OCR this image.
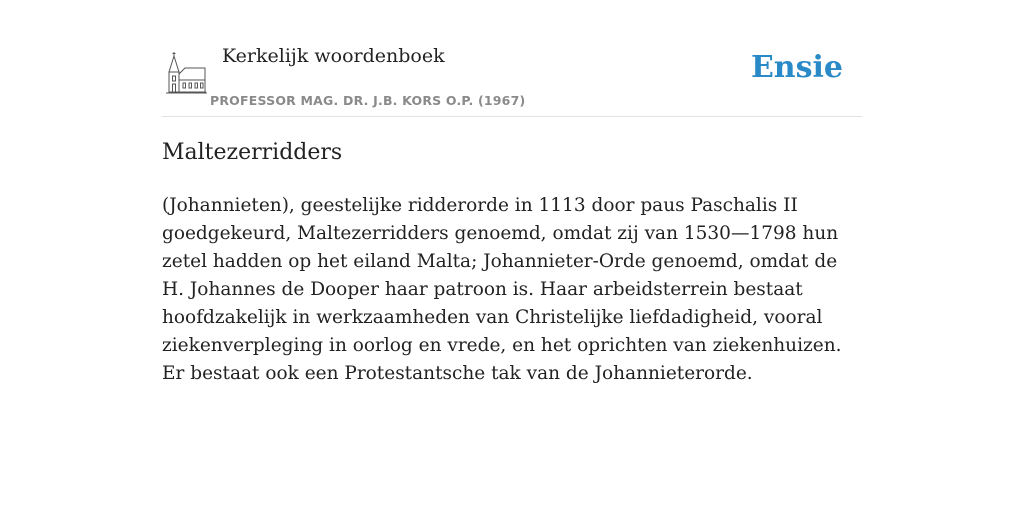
Kerkelijk woordenboek
PROFESSOR MAG. DR. J.B. KORS O.P. (1967)
Ensie
Maltezerridders

(Johannieten), geestelijke ridderorde in 1113 door paus Paschalis II goedgekeurd, Maltezerridders genoemd, omdat zij van 1530—1798 hun zetel hadden op het eiland Malta; Johannieter-Orde genoemd, omdat de H. Johannes de Dooper haar patroon is. Haar arbeidsterrein bestaat hoofdzakelijk in werkzaamheden van Christelijke liefdadigheid, vooral ziekenverpleging in oorlog en vrede, en het oprichten van ziekenhuizen. Er bestaat ook een Protestantsche tak van de Johannieterorde.
